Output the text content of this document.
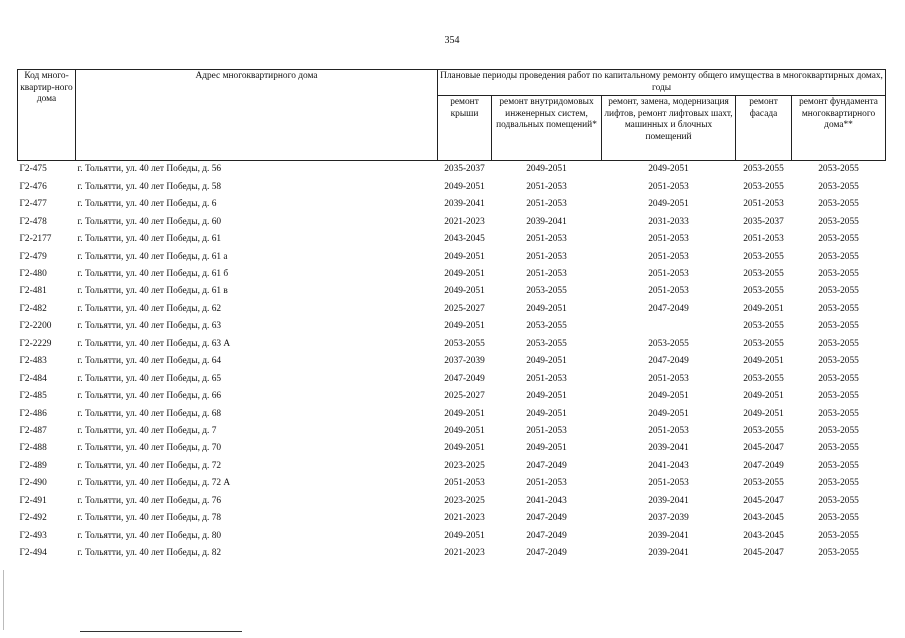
354
Код много-квартир-ного дома	Адрес многоквартирного дома	Плановые периоды проведения работ по капитальному ремонту общего имущества в многоквартирных домах, годы				
		ремонт крыши	ремонт внутридомовых инженерных систем, подвальных помещений*	ремонт, замена, модернизация лифтов, ремонт лифтовых шахт, машинных и блочных помещений	ремонт фасада	ремонт фундамента многоквартирного дома**
Г2-475	г. Тольятти, ул. 40 лет Победы, д. 56	2035-2037	2049-2051	2049-2051	2053-2055	2053-2055
Г2-476	г. Тольятти, ул. 40 лет Победы, д. 58	2049-2051	2051-2053	2051-2053	2053-2055	2053-2055
Г2-477	г. Тольятти, ул. 40 лет Победы, д. 6	2039-2041	2051-2053	2049-2051	2051-2053	2053-2055
Г2-478	г. Тольятти, ул. 40 лет Победы, д. 60	2021-2023	2039-2041	2031-2033	2035-2037	2053-2055
Г2-2177	г. Тольятти, ул. 40 лет Победы, д. 61	2043-2045	2051-2053	2051-2053	2051-2053	2053-2055
Г2-479	г. Тольятти, ул. 40 лет Победы, д. 61 а	2049-2051	2051-2053	2051-2053	2053-2055	2053-2055
Г2-480	г. Тольятти, ул. 40 лет Победы, д. 61 б	2049-2051	2051-2053	2051-2053	2053-2055	2053-2055
Г2-481	г. Тольятти, ул. 40 лет Победы, д. 61 в	2049-2051	2053-2055	2051-2053	2053-2055	2053-2055
Г2-482	г. Тольятти, ул. 40 лет Победы, д. 62	2025-2027	2049-2051	2047-2049	2049-2051	2053-2055
Г2-2200	г. Тольятти, ул. 40 лет Победы, д. 63	2049-2051	2053-2055		2053-2055	2053-2055
Г2-2229	г. Тольятти, ул. 40 лет Победы, д. 63 А	2053-2055	2053-2055	2053-2055	2053-2055	2053-2055
Г2-483	г. Тольятти, ул. 40 лет Победы, д. 64	2037-2039	2049-2051	2047-2049	2049-2051	2053-2055
Г2-484	г. Тольятти, ул. 40 лет Победы, д. 65	2047-2049	2051-2053	2051-2053	2053-2055	2053-2055
Г2-485	г. Тольятти, ул. 40 лет Победы, д. 66	2025-2027	2049-2051	2049-2051	2049-2051	2053-2055
Г2-486	г. Тольятти, ул. 40 лет Победы, д. 68	2049-2051	2049-2051	2049-2051	2049-2051	2053-2055
Г2-487	г. Тольятти, ул. 40 лет Победы, д. 7	2049-2051	2051-2053	2051-2053	2053-2055	2053-2055
Г2-488	г. Тольятти, ул. 40 лет Победы, д. 70	2049-2051	2049-2051	2039-2041	2045-2047	2053-2055
Г2-489	г. Тольятти, ул. 40 лет Победы, д. 72	2023-2025	2047-2049	2041-2043	2047-2049	2053-2055
Г2-490	г. Тольятти, ул. 40 лет Победы, д. 72 А	2051-2053	2051-2053	2051-2053	2053-2055	2053-2055
Г2-491	г. Тольятти, ул. 40 лет Победы, д. 76	2023-2025	2041-2043	2039-2041	2045-2047	2053-2055
Г2-492	г. Тольятти, ул. 40 лет Победы, д. 78	2021-2023	2047-2049	2037-2039	2043-2045	2053-2055
Г2-493	г. Тольятти, ул. 40 лет Победы, д. 80	2049-2051	2047-2049	2039-2041	2043-2045	2053-2055
Г2-494	г. Тольятти, ул. 40 лет Победы, д. 82	2021-2023	2047-2049	2039-2041	2045-2047	2053-2055
